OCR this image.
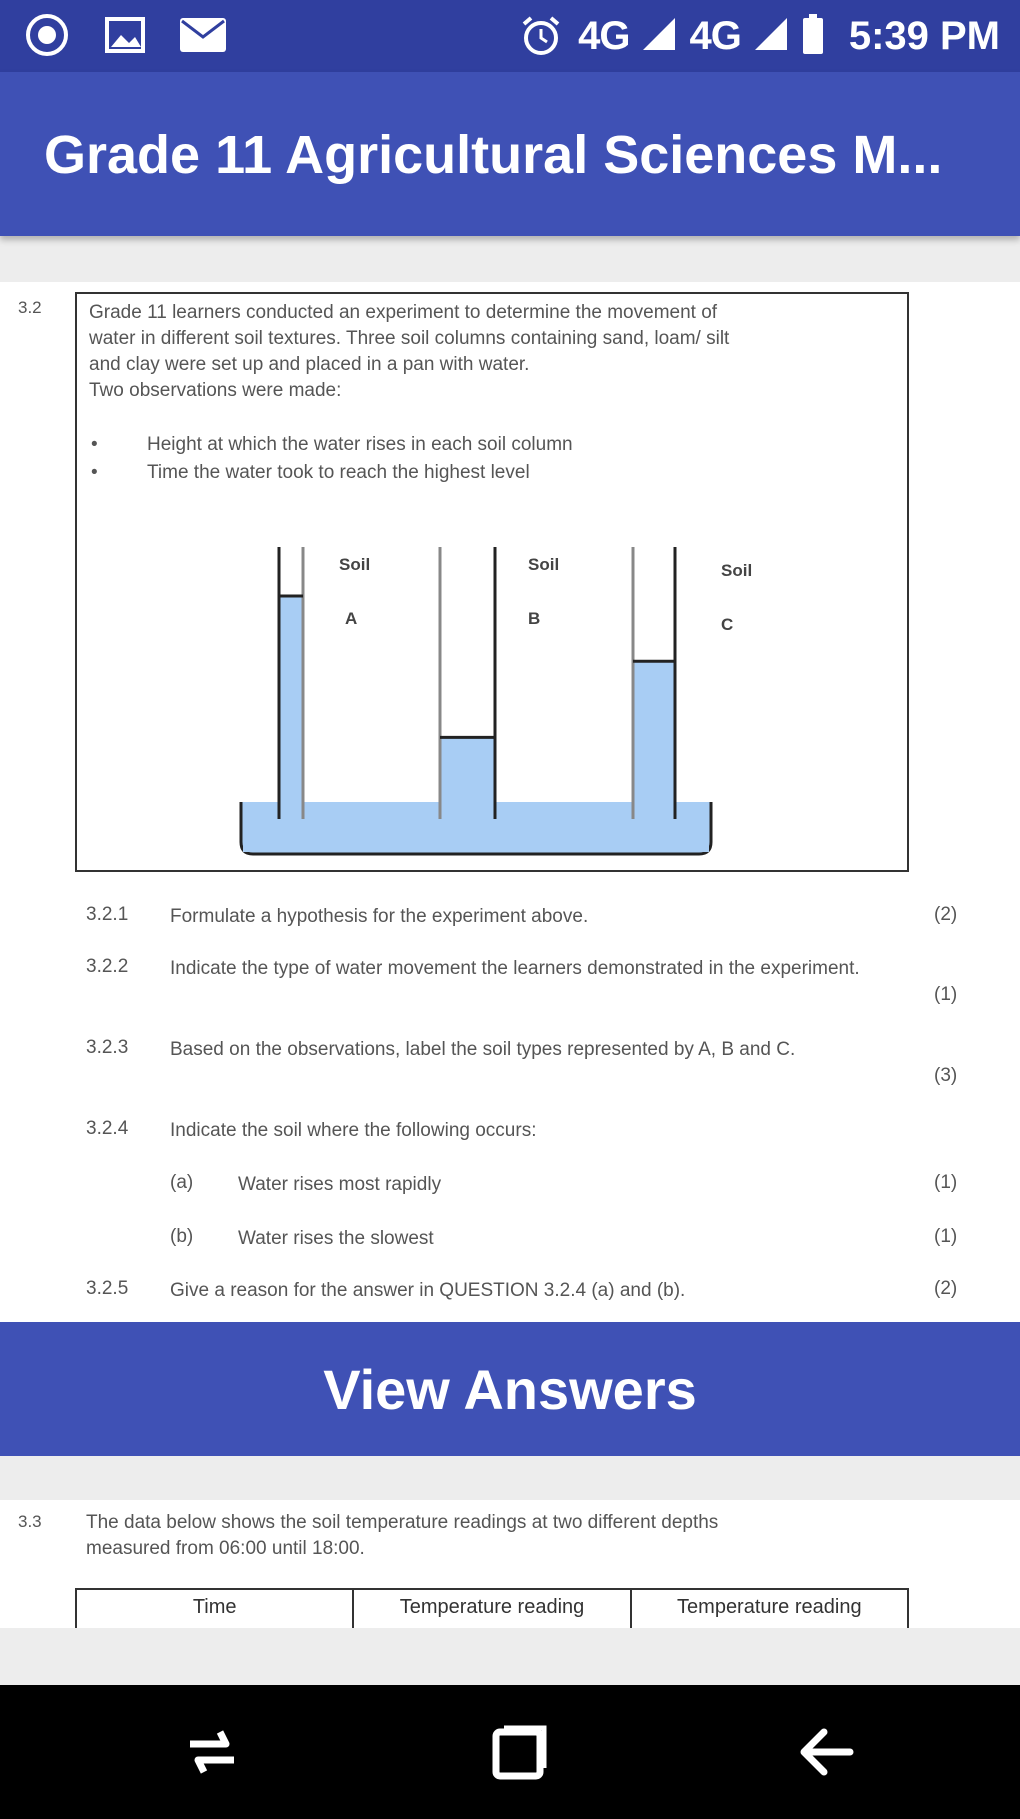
4G 4G	5:39 PM
Grade 11 Agricultural Sciences M...
3.2 Grade 11 learners conducted an experiment to determine the movement of

water in different soil textures. Three soil columns containing sand, loam/ silt

and clay were set up and placed in a pan with water.

Two observations were made:

•	Height at which the water rises in each soil column
•	Time the water took to reach the highest level
Soil
A
Soil
B
Soil
C
3.2.1 Formulate a hypothesis for the experiment above.	(2)
3.2.2 Indicate the type of water movement the learners demonstrated in the experiment.
(1)
3.2.3 Based on the observations, label the soil types represented by A, B and C.
(3)
3.2.4 Indicate the soil where the following occurs:
(a) Water rises most rapidly	(1)
(b) Water rises the slowest	(1)
3.2.5 Give a reason for the answer in QUESTION 3.2.4 (a) and (b).	(2)
View Answers
3.3 The data below shows the soil temperature readings at two different depths
measured from 06:00 until 18:00.
Time	Temperature reading	Temperature reading
